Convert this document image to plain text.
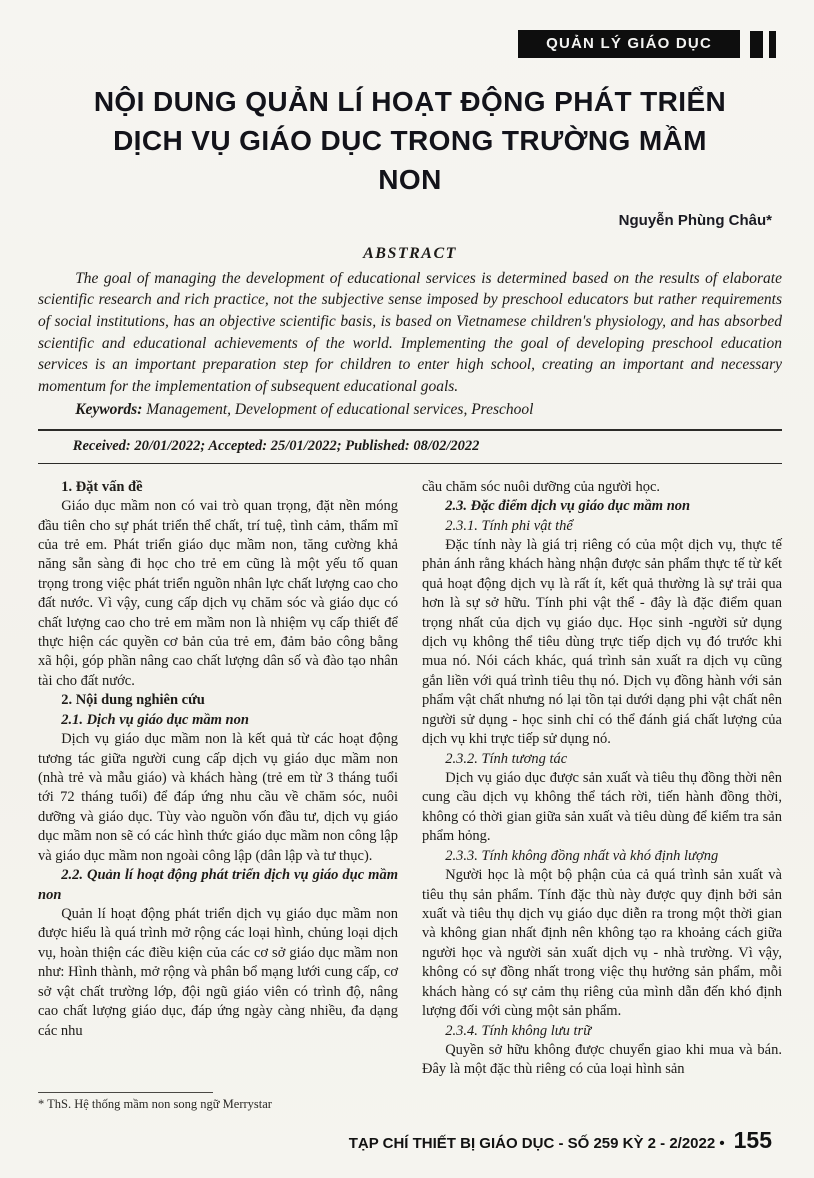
QUẢN LÝ GIÁO DỤC
NỘI DUNG QUẢN LÍ HOẠT ĐỘNG PHÁT TRIỂN
DỊCH VỤ GIÁO DỤC TRONG TRƯỜNG MẦM NON
Nguyễn Phùng Châu*
ABSTRACT

The goal of managing the development of educational services is determined based on the results of elaborate scientific research and rich practice, not the subjective sense imposed by preschool educators but rather requirements of social institutions, has an objective scientific basis, is based on Vietnamese children's physiology, and has absorbed scientific and educational achievements of the world. Implementing the goal of developing preschool education services is an important preparation step for children to enter high school, creating an important and necessary momentum for the implementation of subsequent educational goals.

Keywords: Management, Development of educational services, Preschool

Received: 20/01/2022; Accepted: 25/01/2022; Published: 08/02/2022

1. Đặt vấn đề

Giáo dục mầm non có vai trò quan trọng, đặt nền móng đầu tiên cho sự phát triển thể chất, trí tuệ, tình cảm, thẩm mĩ của trẻ em. Phát triển giáo dục mầm non, tăng cường khả năng sẵn sàng đi học cho trẻ em cũng là một yếu tố quan trọng trong việc phát triển nguồn nhân lực chất lượng cao cho đất nước. Vì vậy, cung cấp dịch vụ chăm sóc và giáo dục có chất lượng cao cho trẻ em mầm non là nhiệm vụ cấp thiết để thực hiện các quyền cơ bản của trẻ em, đảm bảo công bằng xã hội, góp phần nâng cao chất lượng dân số và đào tạo nhân tài cho đất nước.

2. Nội dung nghiên cứu

2.1. Dịch vụ giáo dục mầm non

Dịch vụ giáo dục mầm non là kết quả từ các hoạt động tương tác giữa người cung cấp dịch vụ giáo dục mầm non (nhà trẻ và mẫu giáo) và khách hàng (trẻ em từ 3 tháng tuổi tới 72 tháng tuổi) để đáp ứng nhu cầu về chăm sóc, nuôi dưỡng và giáo dục. Tùy vào nguồn vốn đầu tư, dịch vụ giáo dục mầm non sẽ có các hình thức giáo dục mầm non công lập và giáo dục mầm non ngoài công lập (dân lập và tư thục).

2.2. Quản lí hoạt động phát triển dịch vụ giáo dục mầm non

Quản lí hoạt động phát triển dịch vụ giáo dục mầm non được hiểu là quá trình mở rộng các loại hình, chủng loại dịch vụ, hoàn thiện các điều kiện của các cơ sở giáo dục mầm non như: Hình thành, mở rộng và phân bổ mạng lưới cung cấp, cơ sở vật chất trường lớp, đội ngũ giáo viên có trình độ, nâng cao chất lượng giáo dục, đáp ứng ngày càng nhiều, đa dạng các nhu

cầu chăm sóc nuôi dưỡng của người học.

2.3. Đặc điểm dịch vụ giáo dục mầm non

2.3.1. Tính phi vật thể

Đặc tính này là giá trị riêng có của một dịch vụ, thực tế phản ánh rằng khách hàng nhận được sản phẩm thực tế từ kết quả hoạt động dịch vụ là rất ít, kết quả thường là sự trải qua hơn là sự sở hữu. Tính phi vật thể - đây là đặc điểm quan trọng nhất của dịch vụ giáo dục. Học sinh -người sử dụng dịch vụ không thể tiêu dùng trực tiếp dịch vụ đó trước khi mua nó. Nói cách khác, quá trình sản xuất ra dịch vụ cũng gắn liền với quá trình tiêu thụ nó. Dịch vụ đồng hành với sản phẩm vật chất nhưng nó lại tồn tại dưới dạng phi vật chất nên người sử dụng - học sinh chỉ có thể đánh giá chất lượng của dịch vụ khi trực tiếp sử dụng nó.

2.3.2. Tính tương tác

Dịch vụ giáo dục được sản xuất và tiêu thụ đồng thời nên cung cầu dịch vụ không thể tách rời, tiến hành đồng thời, không có thời gian giữa sản xuất và tiêu dùng để kiểm tra sản phẩm hỏng.

2.3.3. Tính không đồng nhất và khó định lượng

Người học là một bộ phận của cả quá trình sản xuất và tiêu thụ sản phẩm. Tính đặc thù này được quy định bởi sản xuất và tiêu thụ dịch vụ giáo dục diễn ra trong một thời gian và không gian nhất định nên không tạo ra khoảng cách giữa người học và người sản xuất dịch vụ - nhà trường. Vì vậy, không có sự đồng nhất trong việc thụ hưởng sản phẩm, mỗi khách hàng có sự cảm thụ riêng của mình dẫn đến khó định lượng đối với cùng một sản phẩm.

2.3.4. Tính không lưu trữ

Quyền sở hữu không được chuyển giao khi mua và bán. Đây là một đặc thù riêng có của loại hình sản

* ThS. Hệ thống mầm non song ngữ Merrystar
TẠP CHÍ THIẾT BỊ GIÁO DỤC - SỐ 259 KỲ 2 - 2/2022 • 155
